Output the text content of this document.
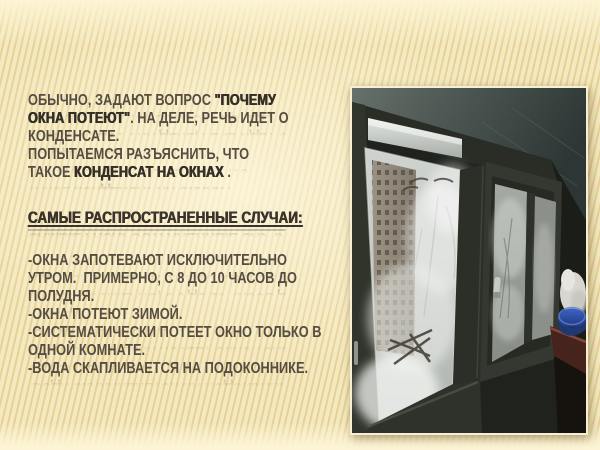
ОБЫЧНО, ЗАДАЮТ ВОПРОС "ПОЧЕМУ
ОКНА ПОТЕЮТ". НА ДЕЛЕ, РЕЧЬ ИДЕТ О
КОНДЕНСАТЕ.
ПОПЫТАЕМСЯ РАЗЪЯСНИТЬ, ЧТО
ТАКОЕ КОНДЕНСАТ НА ОКНАХ .
САМЫЕ РАСПРОСТРАНЕННЫЕ СЛУЧАИ:
-ОКНА ЗАПОТЕВАЮТ ИСКЛЮЧИТЕЛЬНО
УТРОМ.  ПРИМЕРНО, С 8 ДО 10 ЧАСОВ ДО
ПОЛУДНЯ.
-ОКНА ПОТЕЮТ ЗИМОЙ.
-СИСТЕМАТИЧЕСКИ ПОТЕЕТ ОКНО ТОЛЬКО В
ОДНОЙ КОМНАТЕ.
-ВОДА СКАПЛИВАЕТСЯ НА ПОДОКОННИКЕ.
